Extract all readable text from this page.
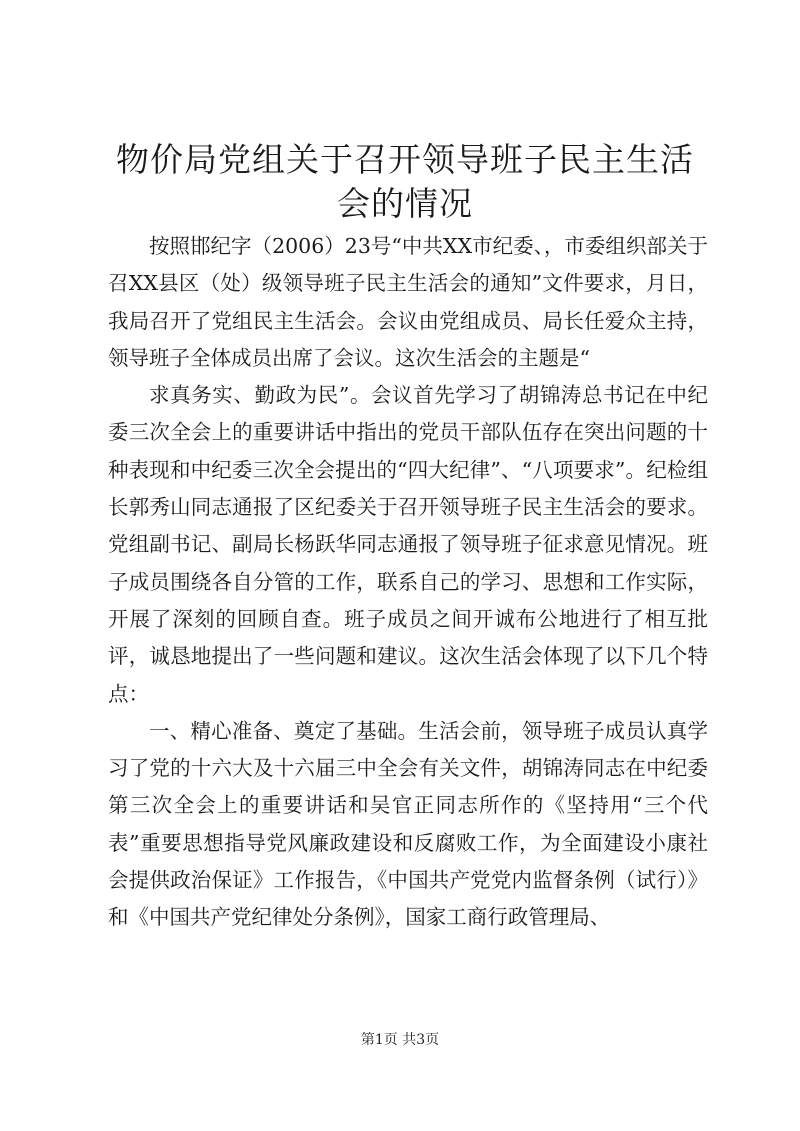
物价局党组关于召开领导班子民主生活会的情况

按照邯纪字（2006）23号“中共XX市纪委、，市委组织部关于召XX县区（处）级领导班子民主生活会的通知”文件要求，月日，我局召开了党组民主生活会。会议由党组成员、局长任爱众主持，领导班子全体成员出席了会议。这次生活会的主题是“

求真务实、勤政为民”。会议首先学习了胡锦涛总书记在中纪委三次全会上的重要讲话中指出的党员干部队伍存在突出问题的十种表现和中纪委三次全会提出的“四大纪律”、“八项要求”。纪检组长郭秀山同志通报了区纪委关于召开领导班子民主生活会的要求。党组副书记、副局长杨跃华同志通报了领导班子征求意见情况。班子成员围绕各自分管的工作，联系自己的学习、思想和工作实际，开展了深刻的回顾自查。班子成员之间开诚布公地进行了相互批评，诚恳地提出了一些问题和建议。这次生活会体现了以下几个特点：

一、精心准备、奠定了基础。生活会前，领导班子成员认真学习了党的十六大及十六届三中全会有关文件，胡锦涛同志在中纪委第三次全会上的重要讲话和吴官正同志所作的《坚持用“三个代表”重要思想指导党风廉政建设和反腐败工作，为全面建设小康社会提供政治保证》工作报告，《中国共产党党内监督条例（试行）》和《中国共产党纪律处分条例》，国家工商行政管理局、

第1页 共3页
